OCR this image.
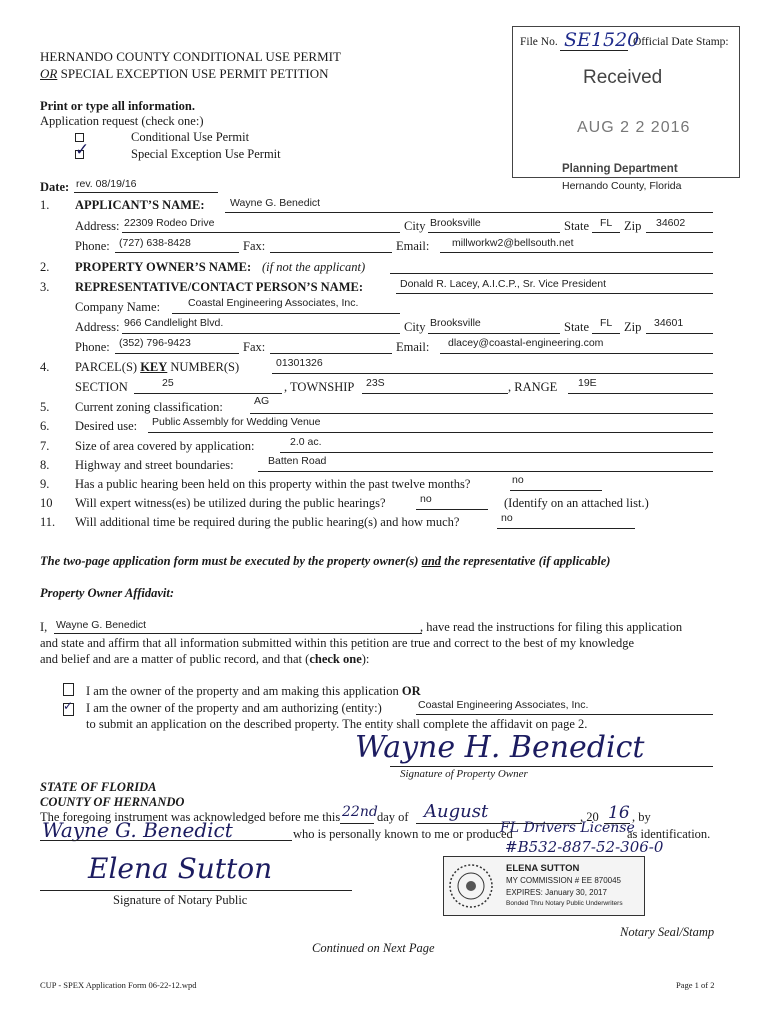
File No. SE1520
Official Date Stamp:
Received
AUG 2 2 2016
Planning Department
Hernando County, Florida
HERNANDO COUNTY CONDITIONAL USE PERMIT
OR SPECIAL EXCEPTION USE PERMIT PETITION
Print or type all information.
Application request (check one:)
Conditional Use Permit
✓	Special Exception Use Permit
Date: rev. 08/19/16
1. APPLICANT’S NAME: Wayne G. Benedict
Address: 22309 Rodeo Drive	City Brooksville	State FL Zip 34602
Phone: (727) 638-8428	Fax:	Email: millworkw2@bellsouth.net
2. PROPERTY OWNER’S NAME: (if not the applicant)
3. REPRESENTATIVE/CONTACT PERSON’S NAME:	Donald R. Lacey, A.I.C.P., Sr. Vice President
Company Name:	Coastal Engineering Associates, Inc.
Address: 966 Candlelight Blvd.	City Brooksville	State FL Zip 34601
Phone: (352) 796-9423	Fax:	Email: dlacey@coastal-engineering.com
4. PARCEL(S) KEY NUMBER(S)	01301326
SECTION	25	, TOWNSHIP 23S	, RANGE 19E
5. Current zoning classification:	AG
6. Desired use: Public Assembly for Wedding Venue
7. Size of area covered by application:	2.0 ac.
8. Highway and street boundaries:	Batten Road
9. Has a public hearing been held on this property within the past twelve months?	no
10 Will expert witness(es) be utilized during the public hearings?	no	(Identify on an attached list.)
11. Will additional time be required during the public hearing(s) and how much?	no
The two-page application form must be executed by the property owner(s) and the representative (if applicable)
Property Owner Affidavit:
I, Wayne G. Benedict	, have read the instructions for filing this application
and state and affirm that all information submitted within this petition are true and correct to the best of my knowledge
and belief and are a matter of public record, and that (check one):
I am the owner of the property and am making this application OR
✓ I am the owner of the property and am authorizing (entity:)	Coastal Engineering Associates, Inc.
to submit an application on the described property. The entity shall complete the affidavit on page 2.
Wayne H. Benedict
Signature of Property Owner
STATE OF FLORIDA
COUNTY OF HERNANDO
The foregoing instrument was acknowledged before me this 22nd day of August	, 20 16 , by
Wayne G. Benedict	who is personally known to me or produced
FL Drivers License
as identification.
#B532-887-52-306-0
Elena Sutton
Signature of Notary Public
ELENA SUTTON
MY COMMISSION # EE 870045
EXPIRES: January 30, 2017
Bonded Thru Notary Public Underwriters
Notary Seal/Stamp
Continued on Next Page
CUP - SPEX Application Form 06-22-12.wpd	Page 1 of 2
